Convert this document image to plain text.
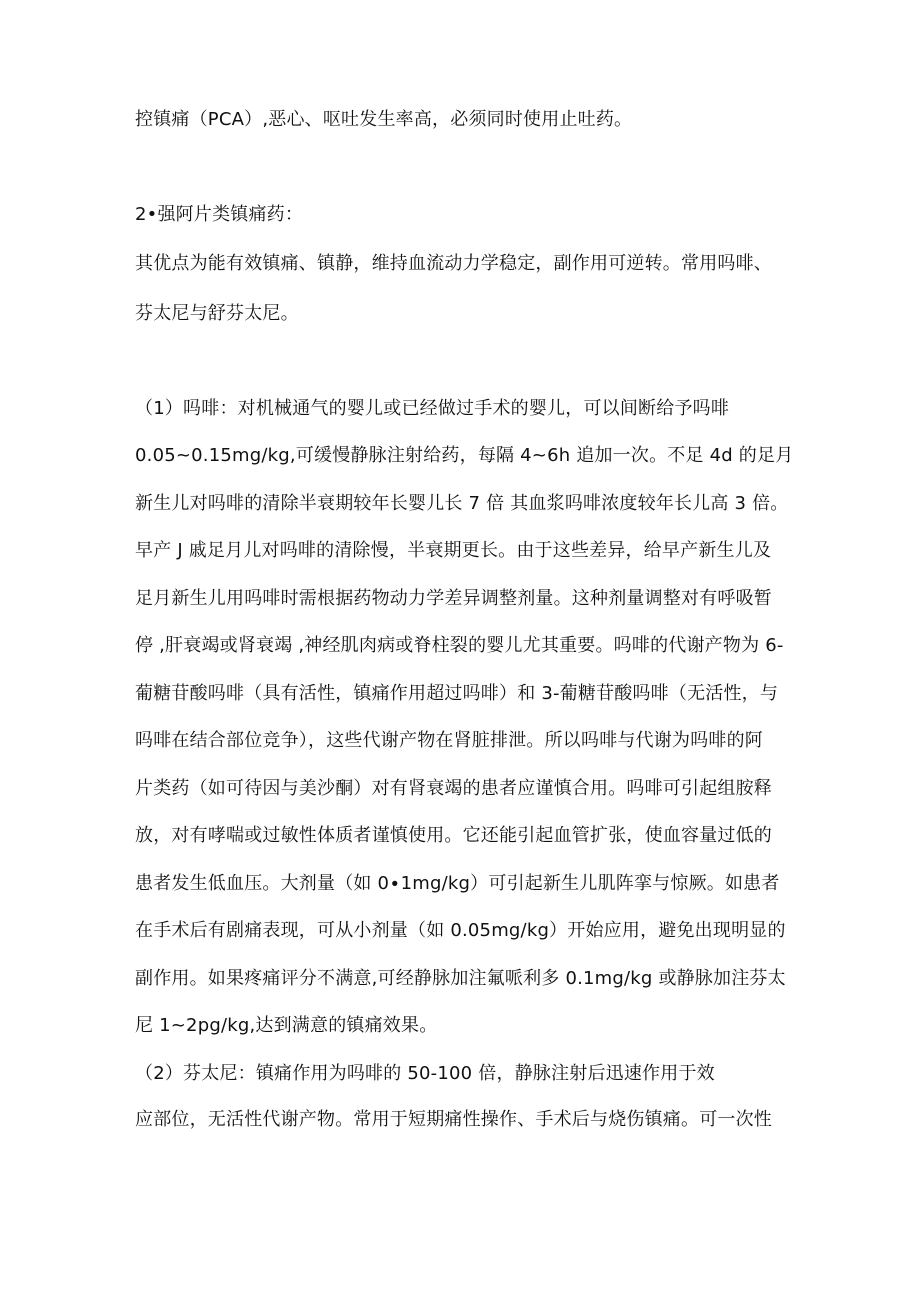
控镇痛（PCA）,恶心、呕吐发生率高，必须同时使用止吐药。
2•强阿片类镇痛药：
其优点为能有效镇痛、镇静，维持血流动力学稳定，副作用可逆转。常用吗啡、
芬太尼与舒芬太尼。
（1）吗啡：对机械通气的婴儿或已经做过手术的婴儿，可以间断给予吗啡
0.05~0.15mg∕kg,可缓慢静脉注射给药，每隔 4~6h 追加一次。不足 4d 的足月
新生儿对吗啡的清除半衰期较年长婴儿长 7 倍 其血浆吗啡浓度较年长儿高 3 倍。
早产 J 戚足月儿对吗啡的清除慢，半衰期更长。由于这些差异，给早产新生儿及
足月新生儿用吗啡时需根据药物动力学差异调整剂量。这种剂量调整对有呼吸暂
停 ,肝衰竭或肾衰竭 ,神经肌肉病或脊柱裂的婴儿尤其重要。吗啡的代谢产物为 6-
葡糖苷酸吗啡（具有活性，镇痛作用超过吗啡）和 3-葡糖苷酸吗啡（无活性，与
吗啡在结合部位竞争），这些代谢产物在肾脏排泄。所以吗啡与代谢为吗啡的阿
片类药（如可待因与美沙酮）对有肾衰竭的患者应谨慎合用。吗啡可引起组胺释
放，对有哮喘或过敏性体质者谨慎使用。它还能引起血管扩张，使血容量过低的
患者发生低血压。大剂量（如 0∙1mg/kg）可引起新生儿肌阵挛与惊厥。如患者
在手术后有剧痛表现，可从小剂量（如 0.05mg∕kg）开始应用，避免出现明显的
副作用。如果疼痛评分不满意,可经静脉加注氟哌利多 0.1mg/kg 或静脉加注芬太
尼 1~2pg/kg,达到满意的镇痛效果。
（2）芬太尼：镇痛作用为吗啡的 50-100 倍，静脉注射后迅速作用于效
应部位，无活性代谢产物。常用于短期痛性操作、手术后与烧伤镇痛。可一次性
